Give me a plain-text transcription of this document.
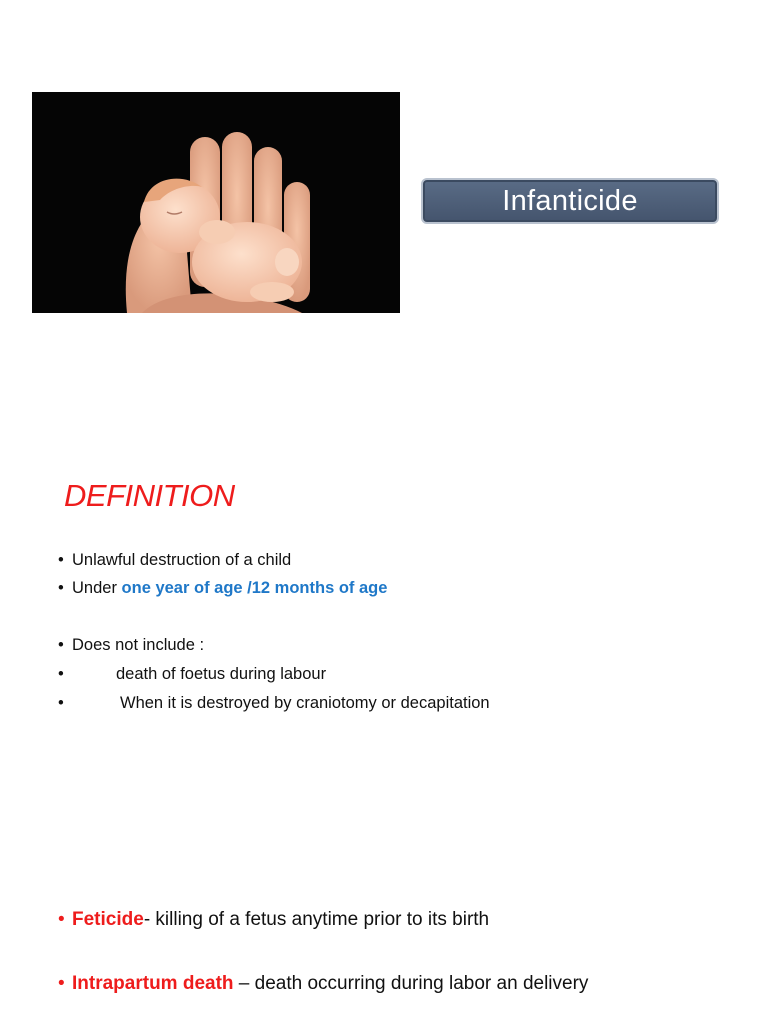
Infanticide
DEFINITION
• Unlawful destruction of a child
• Under one year of age /12 months of age
• Does not include :
•	death of foetus during labour
•	When it is destroyed by craniotomy or decapitation
• Feticide- killing of a fetus anytime prior to its birth
• Intrapartum death – death occurring during labor an delivery
